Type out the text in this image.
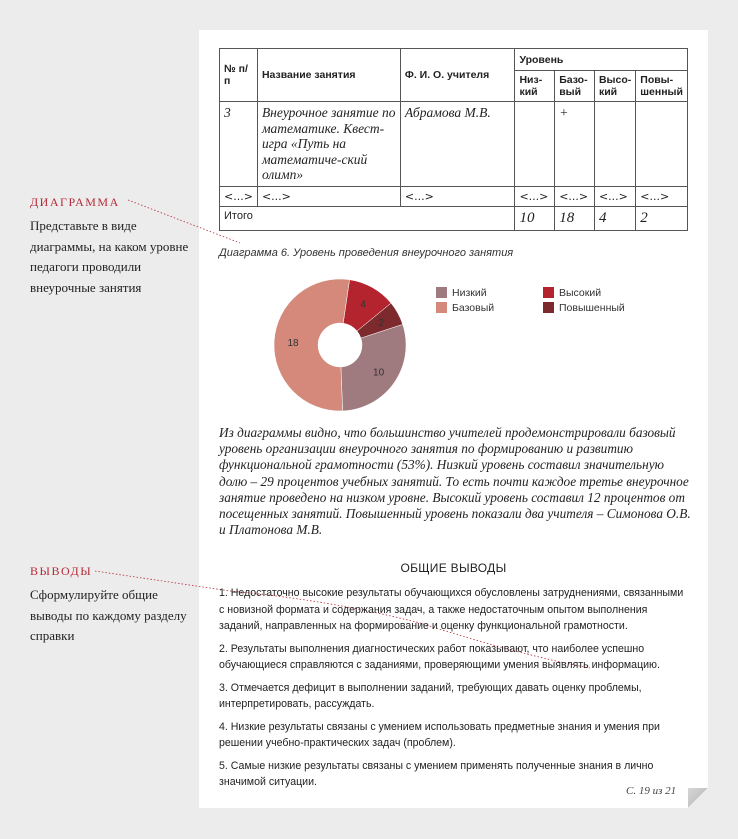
ДИАГРАММА
Представьте в виде диаграммы, на каком уровне педагоги проводили внеурочные занятия
ВЫВОДЫ
Сформулируйте общие выводы по каждому разделу справки
№ п/п	Название занятия	Ф. И. О. учителя	Уровень			
			Низ-кий	Базо-вый	Высо-кий	Повы-шенный
3	Внеурочное занятие по математике. Квест-игра «Путь на математиче-ский олимп»	Абрамова М.В.		+		
<...>	<...>	<...>	<...>	<...>	<...>	<...>
Итого			10	18	4	2
Диаграмма 6. Уровень проведения внеурочного занятия
4
2
10
18
Низкий
Базовый
Высокий
Повышенный
Из диаграммы видно, что большинство учителей продемонстрировали базовый уровень организации внеурочного занятия по формированию и развитию функциональной грамотности (53%). Низкий уровень составил значительную долю – 29 процентов учебных занятий. То есть почти каждое третье внеурочное занятие проведено на низком уровне. Высокий уровень составил 12 процентов от посещенных занятий. Повышенный уровень показали два учителя – Симонова О.В. и Платонова М.В.
ОБЩИЕ ВЫВОДЫ

1. Недостаточно высокие результаты обучающихся обусловлены затруднениями, связанными с новизной формата и содержания задач, а также недостаточным опытом выполнения заданий, направленных на формирование и оценку функциональной грамотности.

2. Результаты выполнения диагностических работ показывают, что наиболее успешно обучающиеся справляются с заданиями, проверяющими умения выявлять информацию.

3. Отмечается дефицит в выполнении заданий, требующих давать оценку проблемы, интерпретировать, рассуждать.

4. Низкие результаты связаны с умением использовать предметные знания и умения при решении учебно-практических задач (проблем).

5. Самые низкие результаты связаны с умением применять полученные знания в лично значимой ситуации.

С. 19 из 21
